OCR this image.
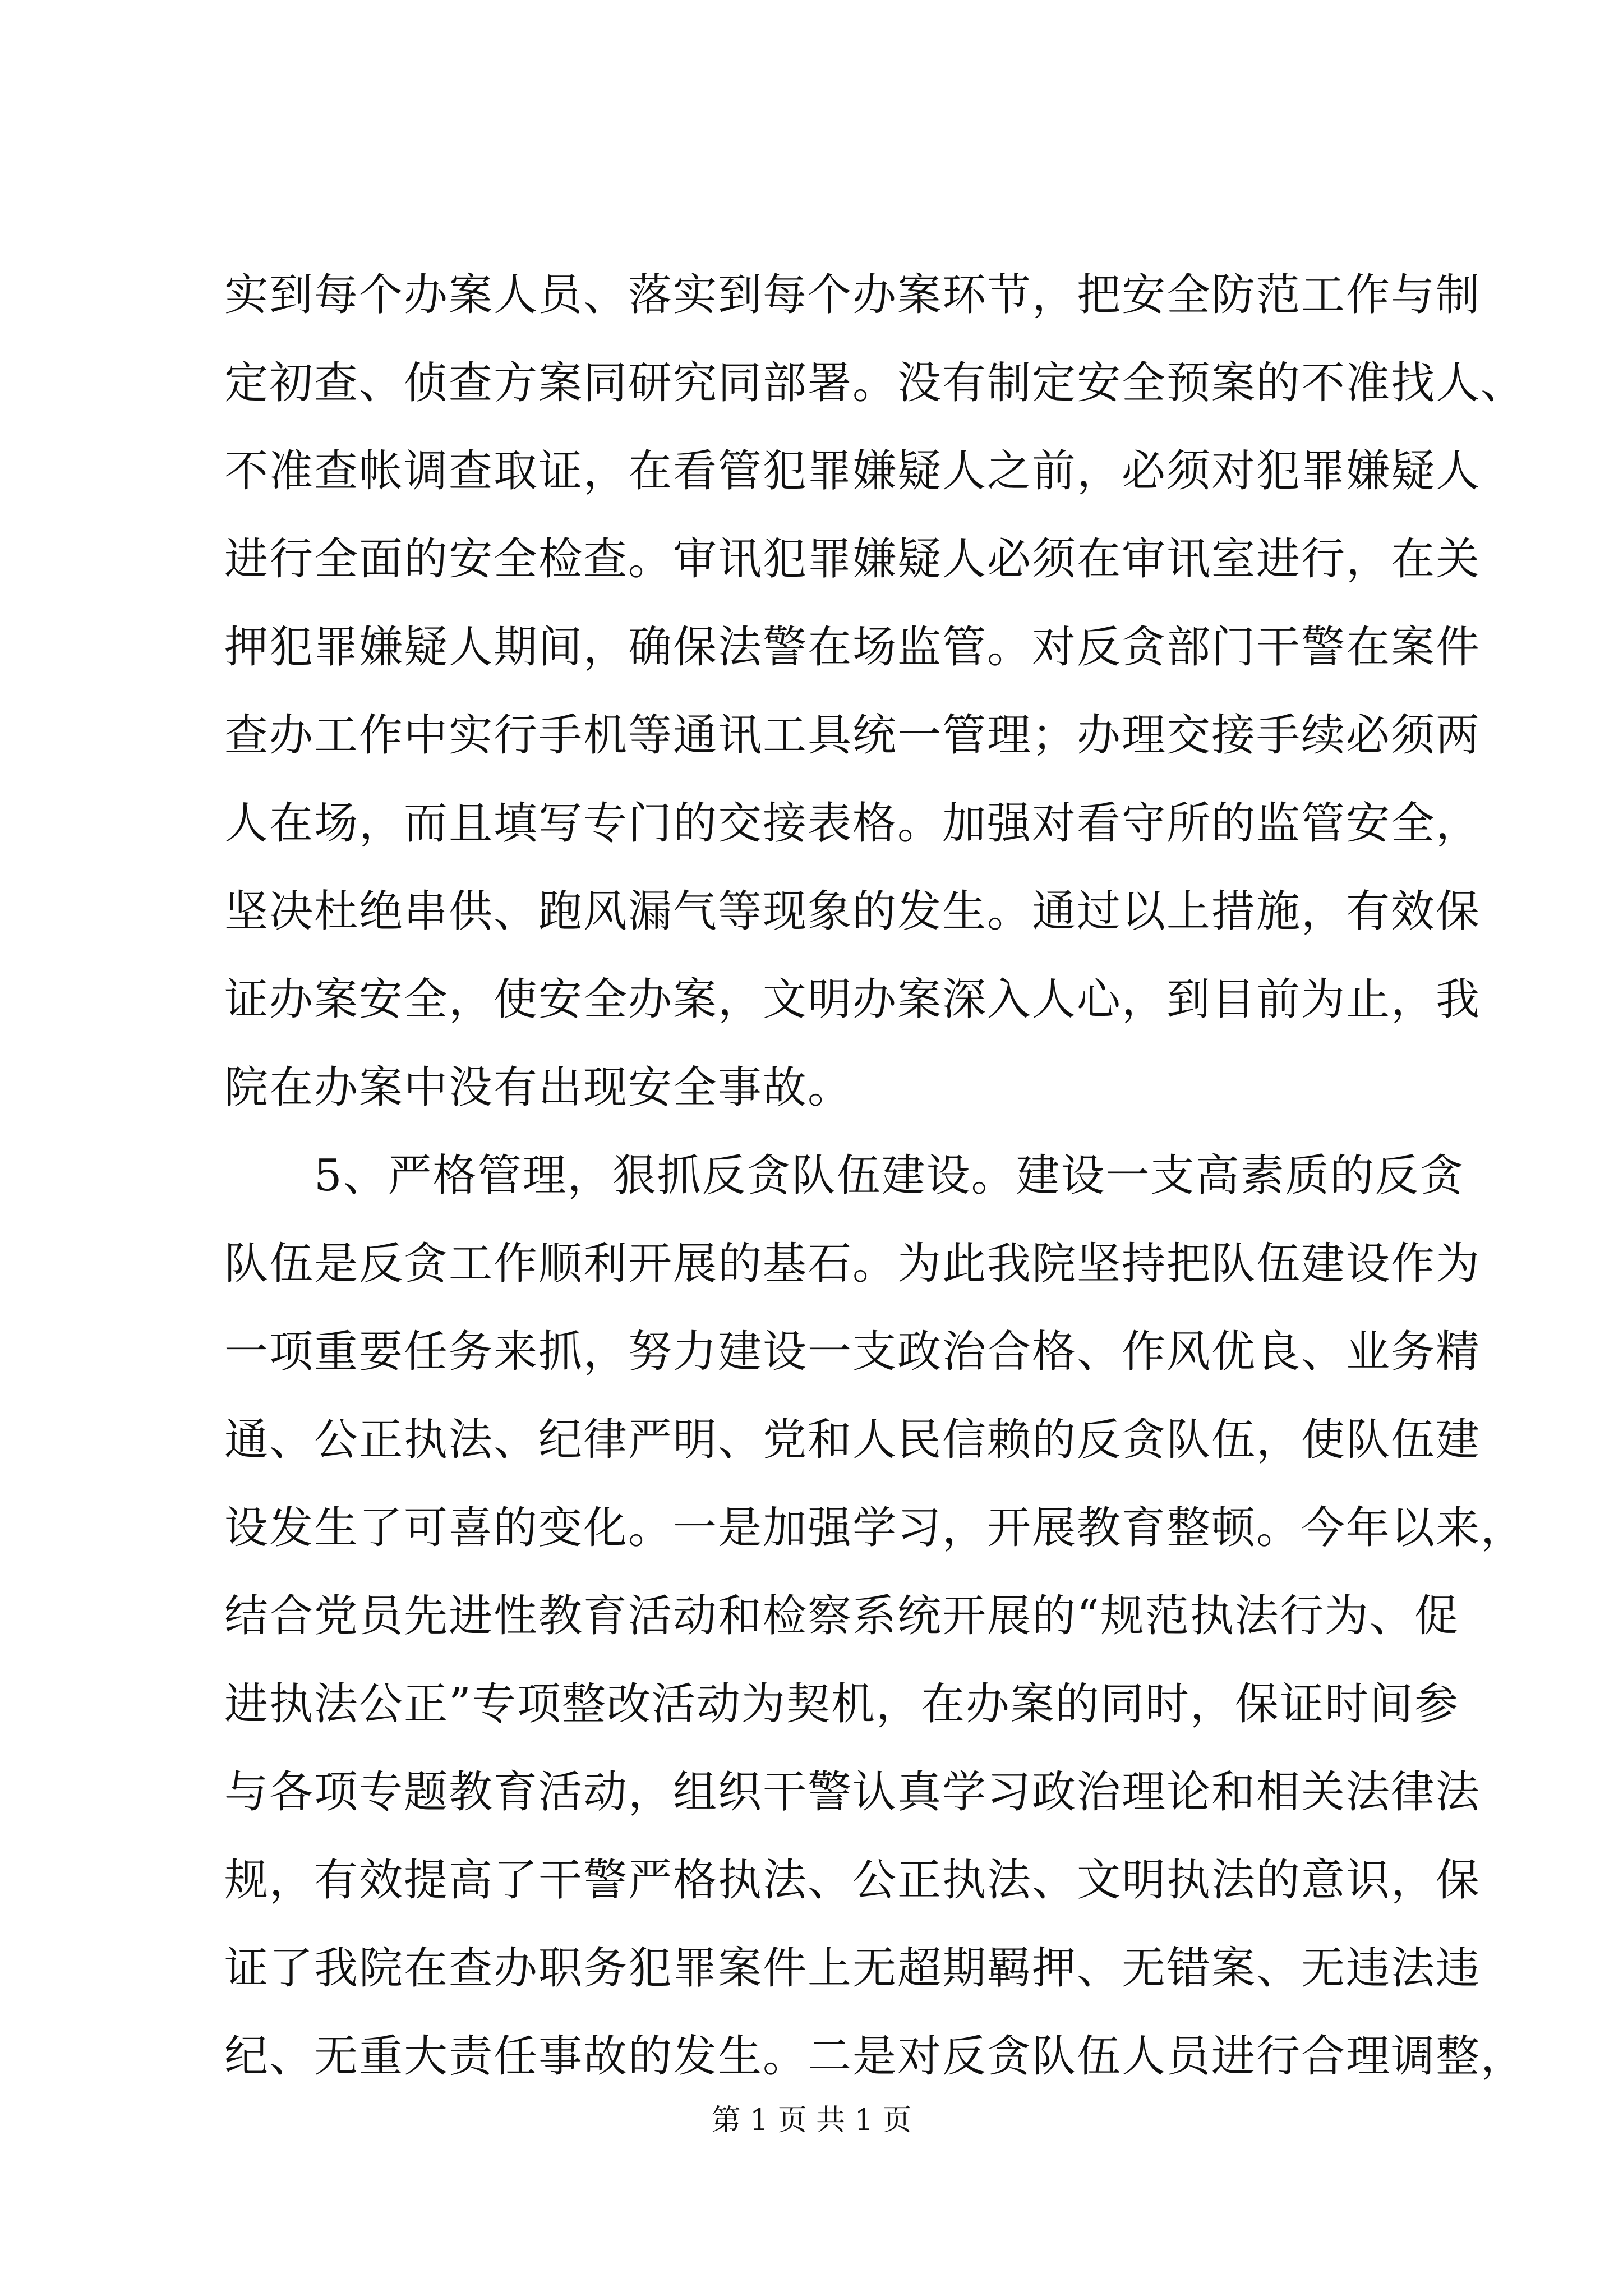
实到每个办案人员、落实到每个办案环节，把安全防范工作与制
定初查、侦查方案同研究同部署。没有制定安全预案的不准找人、
不准查帐调查取证，在看管犯罪嫌疑人之前，必须对犯罪嫌疑人
进行全面的安全检查。审讯犯罪嫌疑人必须在审讯室进行，在关
押犯罪嫌疑人期间，确保法警在场监管。对反贪部门干警在案件
查办工作中实行手机等通讯工具统一管理；办理交接手续必须两
人在场，而且填写专门的交接表格。加强对看守所的监管安全，
坚决杜绝串供、跑风漏气等现象的发生。通过以上措施，有效保
证办案安全，使安全办案，文明办案深入人心，到目前为止，我
院在办案中没有出现安全事故。
　　5、严格管理，狠抓反贪队伍建设。建设一支高素质的反贪
队伍是反贪工作顺利开展的基石。为此我院坚持把队伍建设作为
一项重要任务来抓，努力建设一支政治合格、作风优良、业务精
通、公正执法、纪律严明、党和人民信赖的反贪队伍，使队伍建
设发生了可喜的变化。一是加强学习，开展教育整顿。今年以来，
结合党员先进性教育活动和检察系统开展的“规范执法行为、促
进执法公正”专项整改活动为契机，在办案的同时，保证时间参
与各项专题教育活动，组织干警认真学习政治理论和相关法律法
规，有效提高了干警严格执法、公正执法、文明执法的意识，保
证了我院在查办职务犯罪案件上无超期羁押、无错案、无违法违
纪、无重大责任事故的发生。二是对反贪队伍人员进行合理调整，
第 1 页 共 1 页
